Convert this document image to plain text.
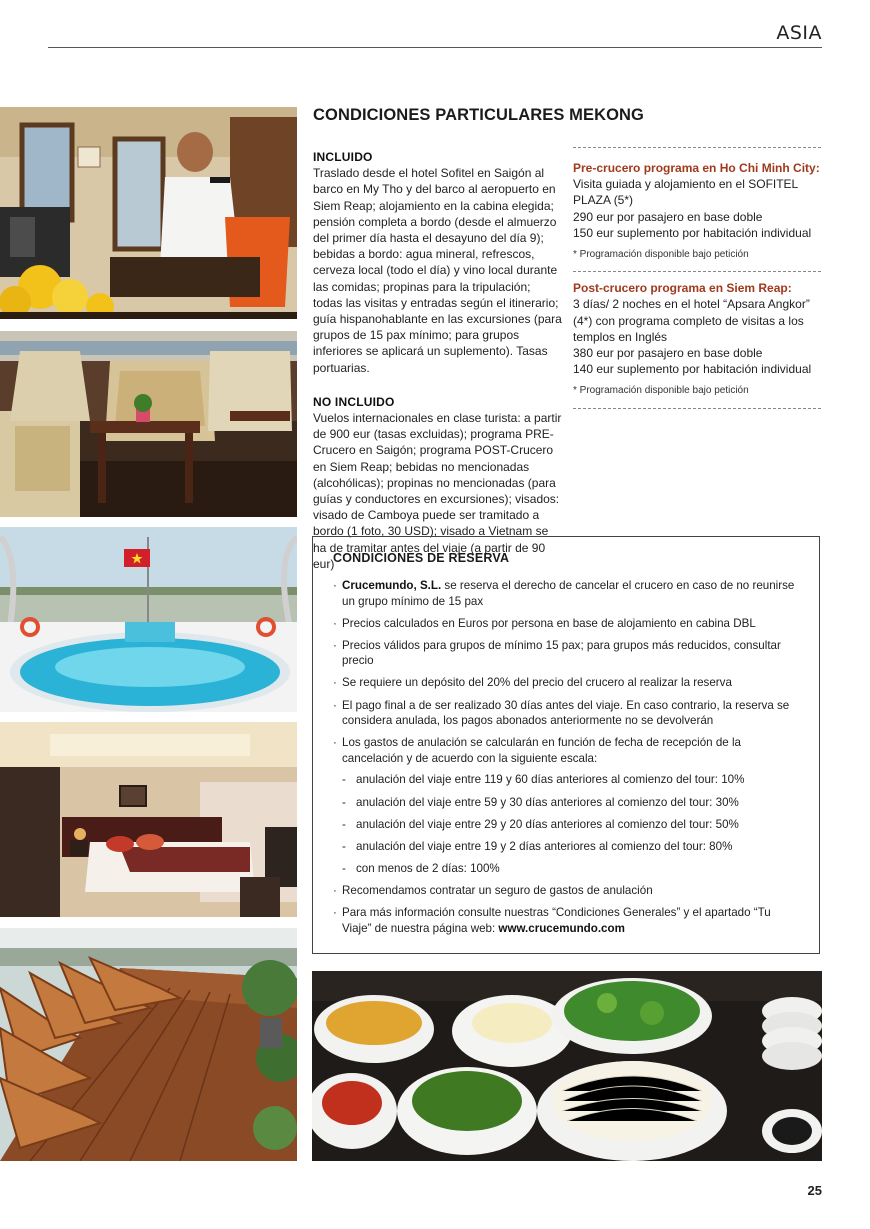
ASIA
CONDICIONES PARTICULARES MEKONG
INCLUIDO

Traslado desde el hotel Sofitel en Saigón al barco en My Tho y del barco al aeropuerto en Siem Reap; alojamiento en la cabina elegida; pensión completa a bordo (desde el almuerzo del primer día hasta el desayuno del día 9); bebidas a bordo: agua mineral, refrescos, cerveza local (todo el día) y vino local durante las comidas; propinas para la tripulación; todas las visitas y entradas según el itinerario; guía hispanohablante en las excursiones (para grupos de 15 pax mínimo; para grupos inferiores se aplicará un suplemento). Tasas portuarias.

NO INCLUIDO

Vuelos internacionales en clase turista: a partir de 900 eur (tasas excluidas); programa PRE-Crucero en Saigón; programa POST-Crucero en Siem Reap; bebidas no mencionadas (alcohólicas); propinas no mencionadas (para guías y conductores en excursiones); visados: visado de Camboya puede ser tramitado a bordo (1 foto, 30 USD); visado a Vietnam se ha de tramitar antes del viaje (a partir de 90 eur)

Pre-crucero programa en Ho Chi Minh City:

Visita guiada y alojamiento en el SOFITEL PLAZA (5*)

290 eur por pasajero en base doble

150 eur suplemento por habitación individual

* Programación disponible bajo petición

Post-crucero programa en Siem Reap:

3 días/ 2 noches en el hotel “Apsara Angkor” (4*) con programa completo de visitas a los templos en Inglés

380 eur por pasajero en base doble

140 eur suplemento por habitación individual

* Programación disponible bajo petición

CONDICIONES DE RESERVA
· Crucemundo, S.L. se reserva el derecho de cancelar el crucero en caso de no reunirse un grupo mínimo de 15 pax
· Precios calculados en Euros por persona en base de alojamiento en cabina DBL
· Precios válidos para grupos de mínimo 15 pax; para grupos más reducidos, consultar precio
· Se requiere un depósito del 20% del precio del crucero al realizar la reserva
· El pago final a de ser realizado 30 días antes del viaje. En caso contrario, la reserva se considera anulada, los pagos abonados anteriormente no se devolverán
· Los gastos de anulación se calcularán en función de fecha de recepción de la cancelación y de acuerdo con la siguiente escala:
- anulación del viaje entre 119 y 60 días anteriores al comienzo del tour: 10%
- anulación del viaje entre 59 y 30 días anteriores al comienzo del tour: 30%
- anulación del viaje entre 29 y 20 días anteriores al comienzo del tour: 50%
- anulación del viaje entre 19 y 2 días anteriores al comienzo del tour: 80%
- con menos de 2 días: 100%
· Recomendamos contratar un seguro de gastos de anulación
· Para más información consulte nuestras “Condiciones Generales” y el apartado “Tu Viaje” de nuestra página web: www.crucemundo.com
25
